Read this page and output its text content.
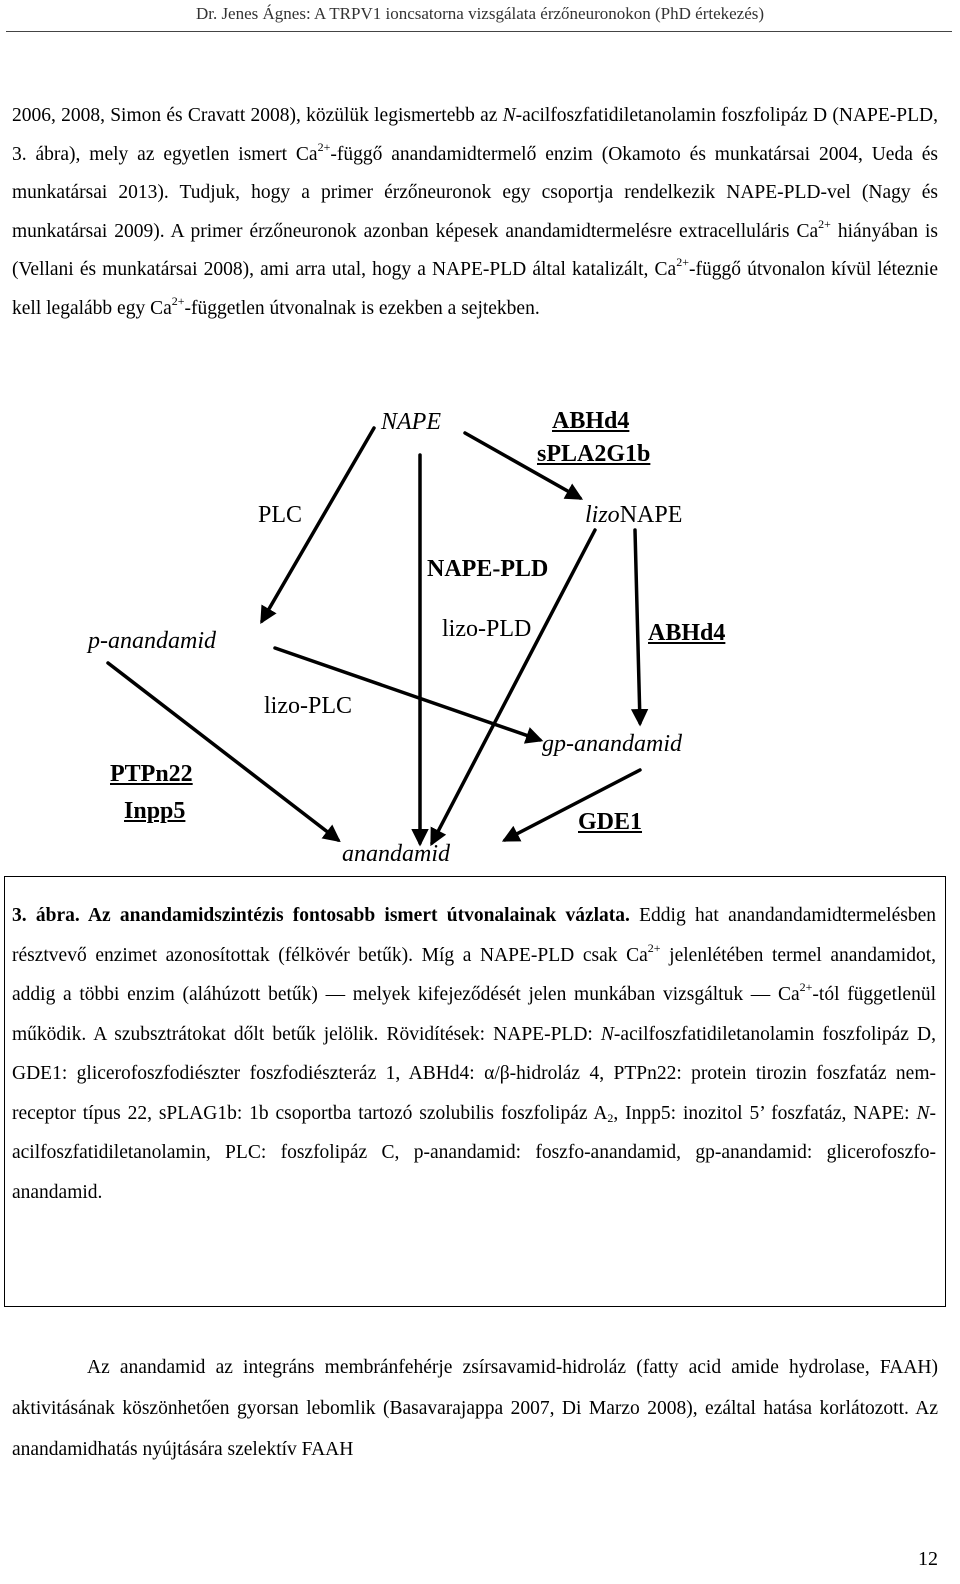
Dr. Jenes Ágnes: A TRPV1 ioncsatorna vizsgálata érzőneuronokon (PhD értekezés)
2006, 2008, Simon és Cravatt 2008), közülük legismertebb az N-acilfoszfatidiletanolamin foszfolipáz D (NAPE-PLD, 3. ábra), mely az egyetlen ismert $Ca^{2+}$-függő anandamidtermelő enzim (Okamoto és munkatársai 2004, Ueda és munkatársai 2013). Tudjuk, hogy a primer érzőneuronok egy csoportja rendelkezik NAPE-PLD-vel (Nagy és munkatársai 2009). A primer érzőneuronok azonban képesek anandamidtermelésre extracelluláris $Ca^{2+}$ hiányában is (Vellani és munkatársai 2008), ami arra utal, hogy a NAPE-PLD által katalizált, $Ca^{2+}$-függő útvonalon kívül léteznie kell legalább egy $Ca^{2+}$-független útvonalnak is ezekben a sejtekben.
NAPE	ABHd4
sPLA2G1b
PLC	lizoNAPE
NAPE-PLD
p-anandamid	lizo-PLD	ABHd4
lizo-PLC
gp-anandamid
PTPn22
Inpp5	GDE1
anandamid
3. ábra. Az anandamidszintézis fontosabb ismert útvonalainak vázlata. Eddig hat anandandamidtermelésben résztvevő enzimet azonosítottak (félkövér betűk). Míg a NAPE-PLD csak $Ca^{2+}$ jelenlétében termel anandamidot, addig a többi enzim (aláhúzott betűk) — melyek kifejeződését jelen munkában vizsgáltuk — $Ca^{2+}$-tól függetlenül működik. A szubsztrátokat dőlt betűk jelölik. Rövidítések: NAPE-PLD: N-acilfoszfatidiletanolamin foszfolipáz D, GDE1: glicerofoszfodiészter foszfodiészteráz 1, ABHd4: α/β-hidroláz 4, PTPn22: protein tirozin foszfatáz nem-receptor típus 22, sPLAG1b: 1b csoportba tartozó szolubilis foszfolipáz $A_2$, Inpp5: inozitol 5’ foszfatáz, NAPE: N-acilfoszfatidiletanolamin, PLC: foszfolipáz C, p-anandamid: foszfo-anandamid, gp-anandamid: glicerofoszfo-anandamid.
Az anandamid az integráns membránfehérje zsírsavamid-hidroláz (fatty acid amide hydrolase, FAAH) aktivitásának köszönhetően gyorsan lebomlik (Basavarajappa 2007, Di Marzo 2008), ezáltal hatása korlátozott. Az anandamidhatás nyújtására szelektív FAAH
12
